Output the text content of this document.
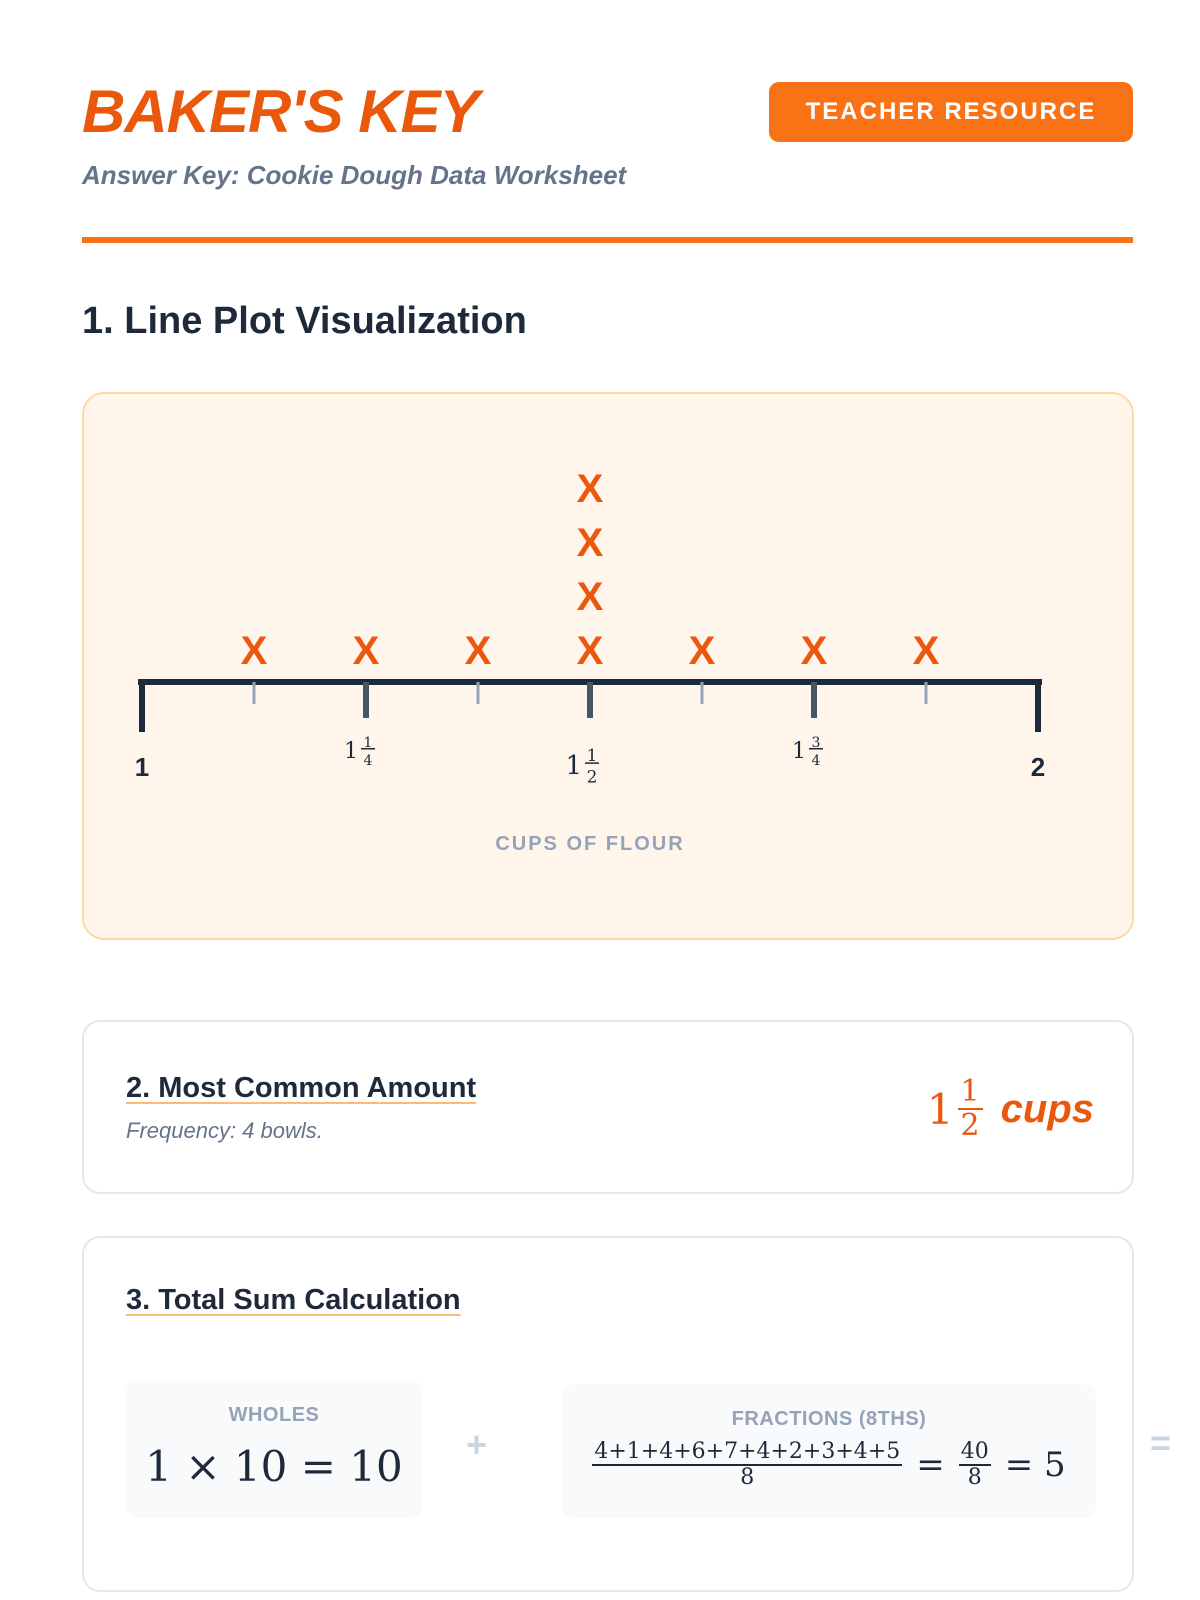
BAKER'S KEY

Answer Key: Cookie Dough Data Worksheet

TEACHER RESOURCE
1. Line Plot Visualization
1
1 1
4	1 1
2
1 3
4	2
X X X X
X
X
X
X X X
CUPS OF FLOUR
2. Most Common Amount
Frequency: 4 bowls.	$1 \frac{1}{2}$ cups
3. Total Sum Calculation
WHOLES
1 × 10 = 10	+
FRACTIONS (8THS)
$\frac{4+1+4+6+7+4+2+3+4+5}{8} = \frac{40}{8} = 5$
=
